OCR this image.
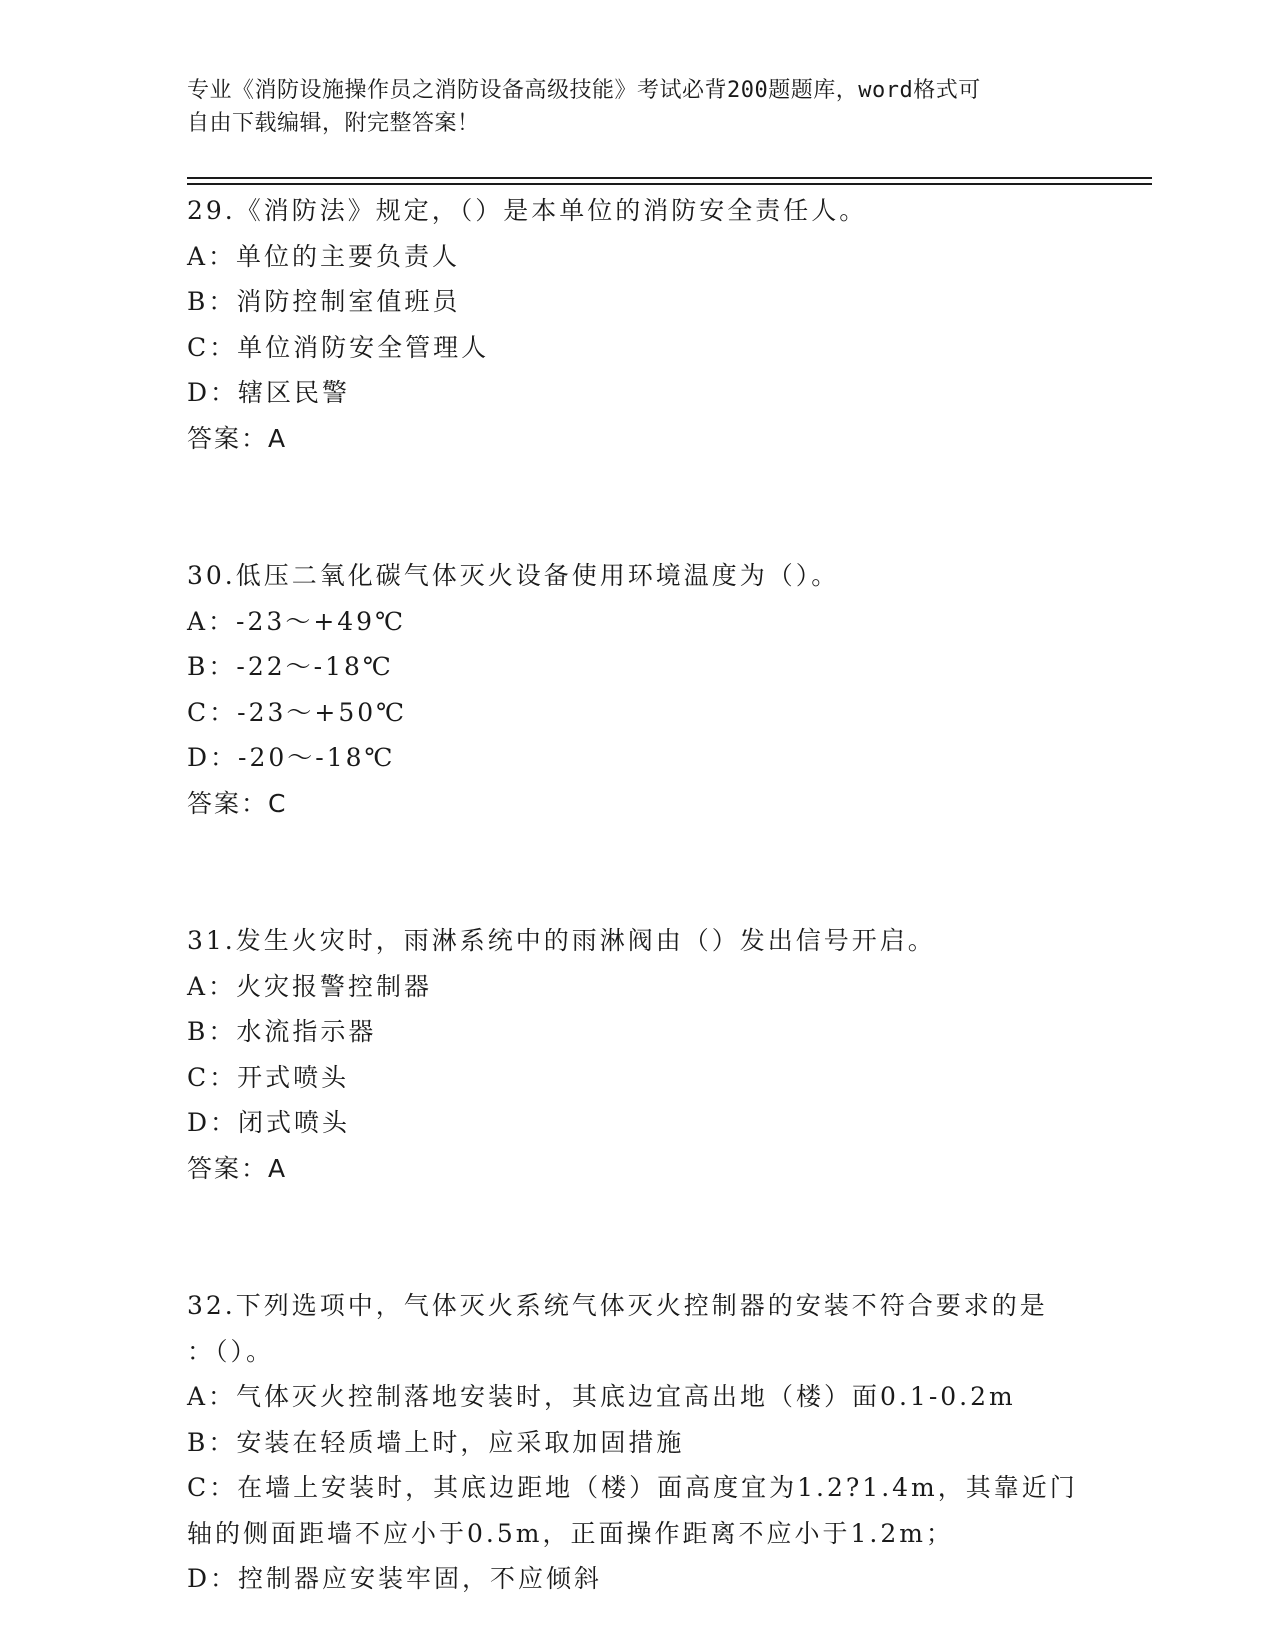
专业《消防设施操作员之消防设备高级技能》考试必背200题题库，word格式可
自由下载编辑，附完整答案！
29.《消防法》规定，（）是本单位的消防安全责任人。
A：单位的主要负责人
B：消防控制室值班员
C：单位消防安全管理人
D：辖区民警
答案：A
30.低压二氧化碳气体灭火设备使用环境温度为（）。
A：-23～+49℃
B：-22～-18℃
C：-23～+50℃
D：-20～-18℃
答案：C
31.发生火灾时，雨淋系统中的雨淋阀由（）发出信号开启。
A：火灾报警控制器
B：水流指示器
C：开式喷头
D：闭式喷头
答案：A
32.下列选项中，气体灭火系统气体灭火控制器的安装不符合要求的是
：（）。
A：气体灭火控制落地安装时，其底边宜高出地（楼）面0.1-0.2m
B：安装在轻质墙上时，应采取加固措施
C：在墙上安装时，其底边距地（楼）面高度宜为1.2?1.4m，其靠近门
轴的侧面距墙不应小于0.5m，正面操作距离不应小于1.2m；
D：控制器应安装牢固，不应倾斜
